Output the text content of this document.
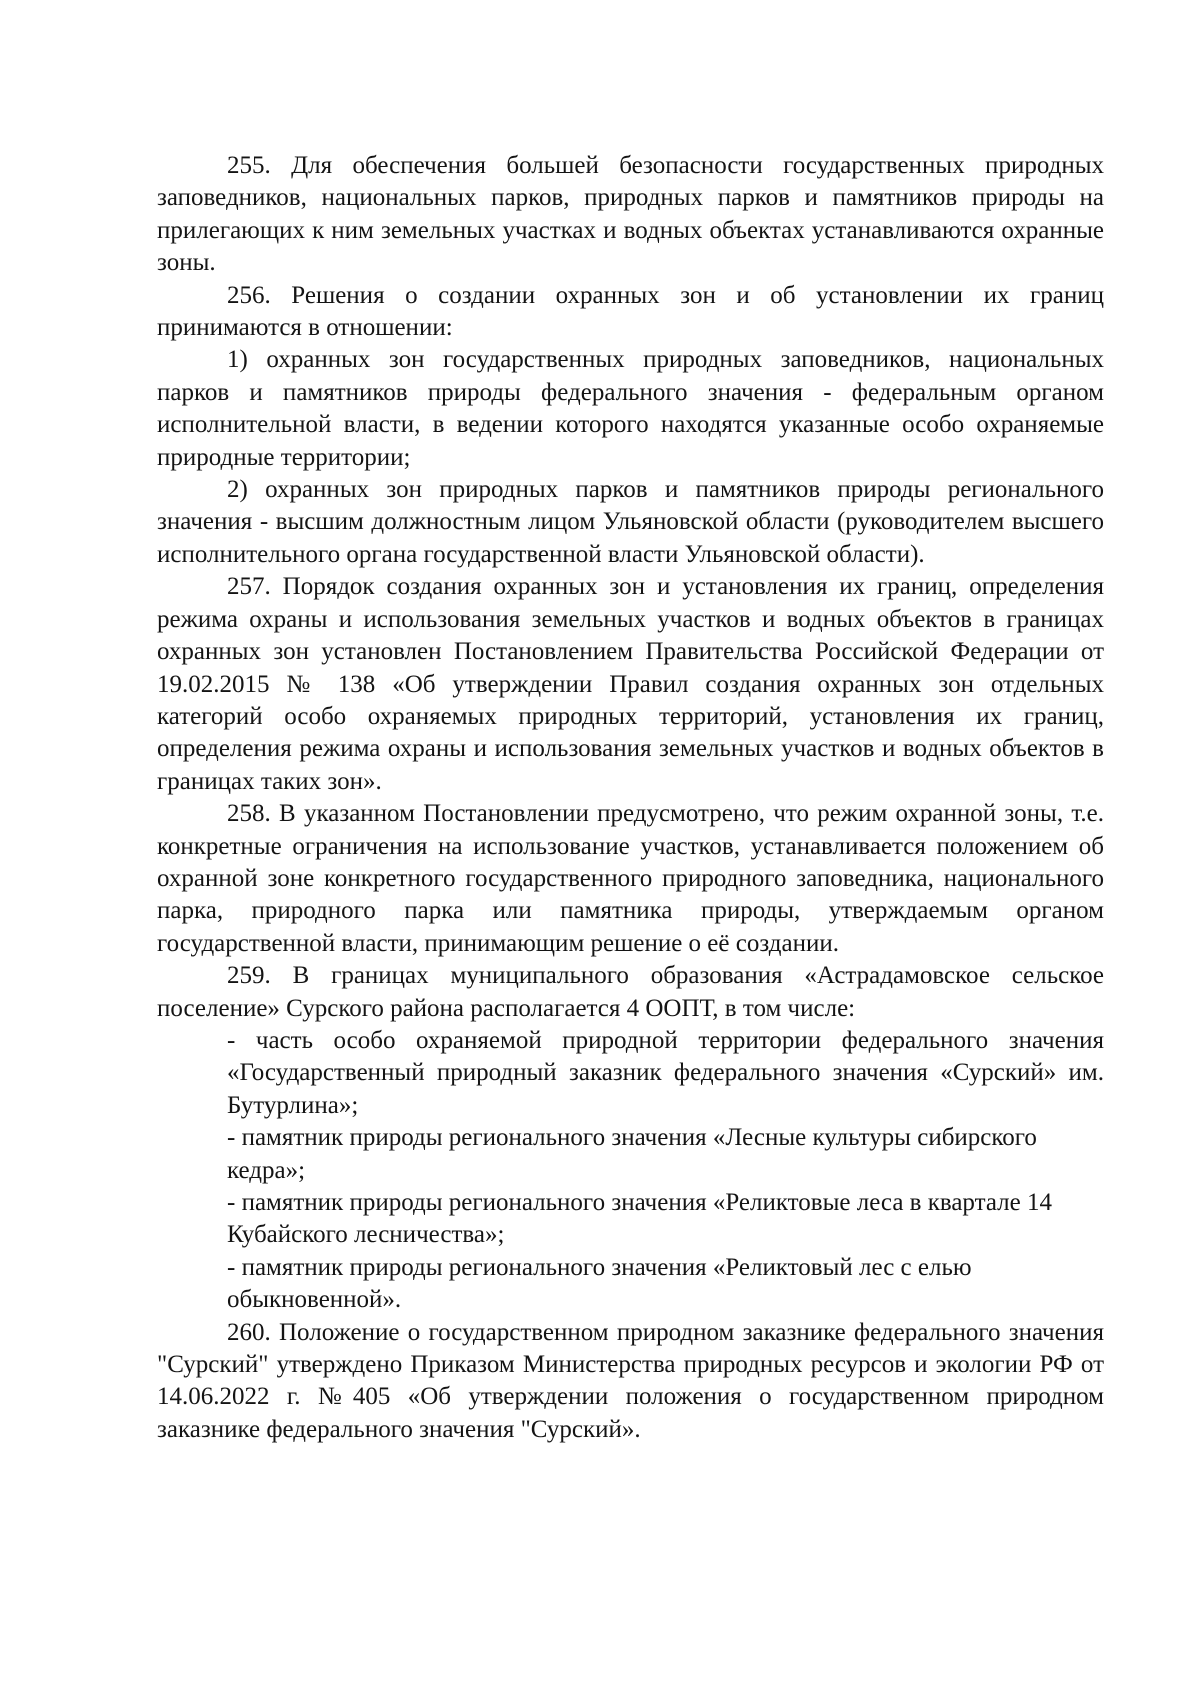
255. Для обеспечения большей безопасности государственных природных заповедников, национальных парков, природных парков и памятников природы на прилегающих к ним земельных участках и водных объектах устанавливаются охранные зоны.

256. Решения о создании охранных зон и об установлении их границ принимаются в отношении:

1) охранных зон государственных природных заповедников, национальных парков и памятников природы федерального значения - федеральным органом исполнительной власти, в ведении которого находятся указанные особо охраняемые природные территории;

2) охранных зон природных парков и памятников природы регионального значения - высшим должностным лицом Ульяновской области (руководителем высшего исполнительного органа государственной власти Ульяновской области).

257. Порядок создания охранных зон и установления их границ, определения режима охраны и использования земельных участков и водных объектов в границах охранных зон установлен Постановлением Правительства Российской Федерации от 19.02.2015 № 138 «Об утверждении Правил создания охранных зон отдельных категорий особо охраняемых природных территорий, установления их границ, определения режима охраны и использования земельных участков и водных объектов в границах таких зон».

258. В указанном Постановлении предусмотрено, что режим охранной зоны, т.е. конкретные ограничения на использование участков, устанавливается положением об охранной зоне конкретного государственного природного заповедника, национального парка, природного парка или памятника природы, утверждаемым органом государственной власти, принимающим решение о её создании.

259. В границах муниципального образования «Астрадамовское сельское поселение» Сурского района располагается 4 ООПТ, в том числе:

- часть особо охраняемой природной территории федерального значения «Государственный природный заказник федерального значения «Сурский» им. Бутурлина»;
- памятник природы регионального значения «Лесные культуры сибирского кедра»;
- памятник природы регионального значения «Реликтовые леса в квартале 14 Кубайского лесничества»;
- памятник природы регионального значения «Реликтовый лес с елью обыкновенной».

260. Положение о государственном природном заказнике федерального значения "Сурский" утверждено Приказом Министерства природных ресурсов и экологии РФ от 14.06.2022 г. №405 «Об утверждении положения о государственном природном заказнике федерального значения "Сурский».
